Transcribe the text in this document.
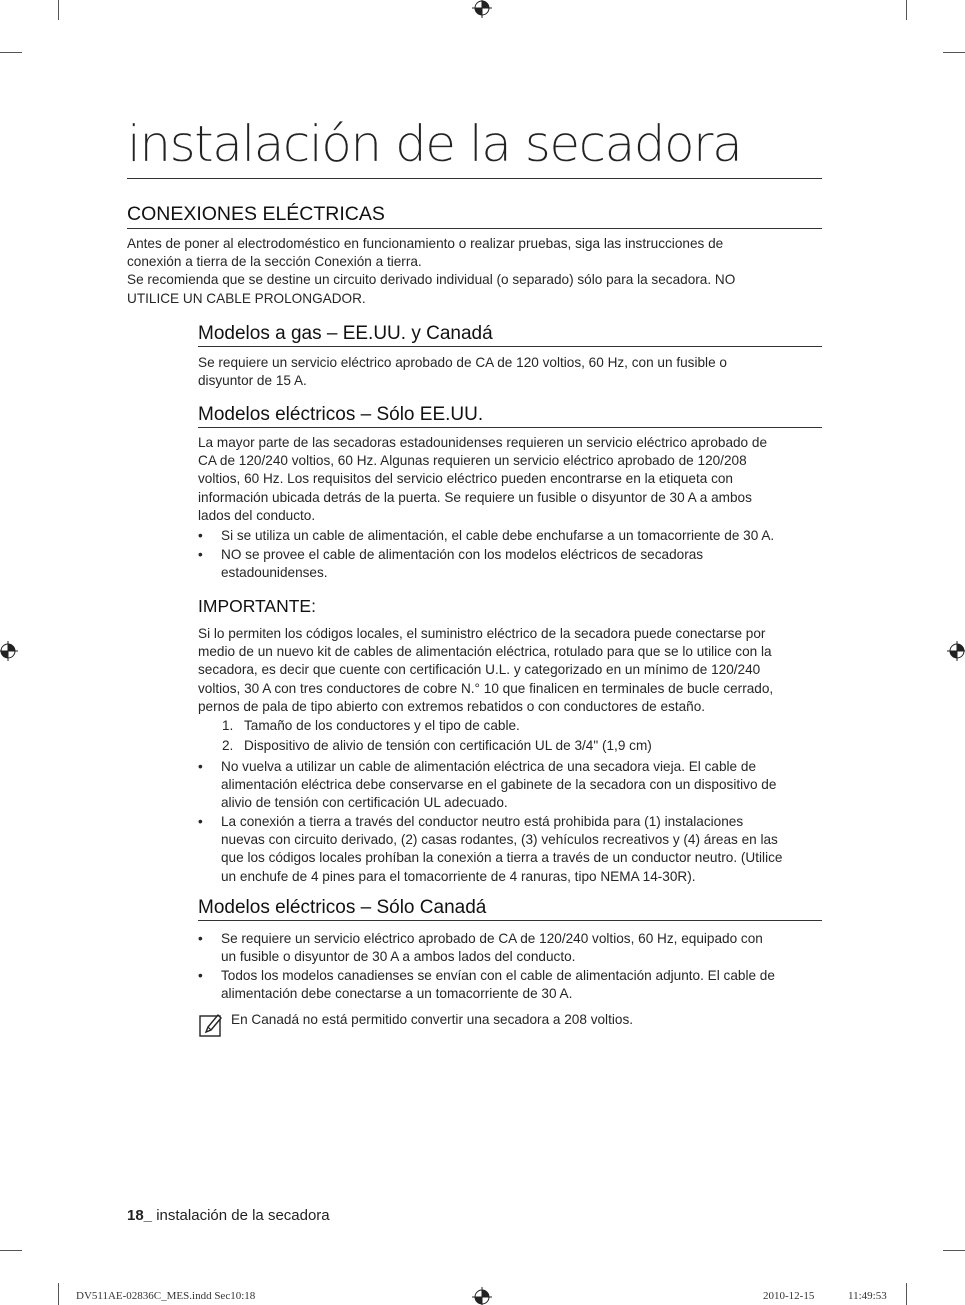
instalación de la secadora
CONEXIONES ELÉCTRICAS
Antes de poner al electrodoméstico en funcionamiento o realizar pruebas, siga las instrucciones de
conexión a tierra de la sección Conexión a tierra.
Se recomienda que se destine un circuito derivado individual (o separado) sólo para la secadora. NO
UTILICE UN CABLE PROLONGADOR.
Modelos a gas – EE.UU. y Canadá
Se requiere un servicio eléctrico aprobado de CA de 120 voltios, 60 Hz, con un fusible o
disyuntor de 15 A.
Modelos eléctricos – Sólo EE.UU.
La mayor parte de las secadoras estadounidenses requieren un servicio eléctrico aprobado de
CA de 120/240 voltios, 60 Hz. Algunas requieren un servicio eléctrico aprobado de 120/208
voltios, 60 Hz. Los requisitos del servicio eléctrico pueden encontrarse en la etiqueta con
información ubicada detrás de la puerta. Se requiere un fusible o disyuntor de 30 A a ambos
lados del conducto.
• Si se utiliza un cable de alimentación, el cable debe enchufarse a un tomacorriente de 30 A.
• NO se provee el cable de alimentación con los modelos eléctricos de secadoras
estadounidenses.
IMPORTANTE:
Si lo permiten los códigos locales, el suministro eléctrico de la secadora puede conectarse por
medio de un nuevo kit de cables de alimentación eléctrica, rotulado para que se lo utilice con la
secadora, es decir que cuente con certificación U.L. y categorizado en un mínimo de 120/240
voltios, 30 A con tres conductores de cobre N.° 10 que finalicen en terminales de bucle cerrado,
pernos de pala de tipo abierto con extremos rebatidos o con conductores de estaño.
1. Tamaño de los conductores y el tipo de cable.
2. Dispositivo de alivio de tensión con certificación UL de 3/4" (1,9 cm)
• No vuelva a utilizar un cable de alimentación eléctrica de una secadora vieja. El cable de
alimentación eléctrica debe conservarse en el gabinete de la secadora con un dispositivo de
alivio de tensión con certificación UL adecuado.
• La conexión a tierra a través del conductor neutro está prohibida para (1) instalaciones
nuevas con circuito derivado, (2) casas rodantes, (3) vehículos recreativos y (4) áreas en las
que los códigos locales prohíban la conexión a tierra a través de un conductor neutro. (Utilice
un enchufe de 4 pines para el tomacorriente de 4 ranuras, tipo NEMA 14-30R).
Modelos eléctricos – Sólo Canadá
• Se requiere un servicio eléctrico aprobado de CA de 120/240 voltios, 60 Hz, equipado con
un fusible o disyuntor de 30 A a ambos lados del conducto.
• Todos los modelos canadienses se envían con el cable de alimentación adjunto. El cable de
alimentación debe conectarse a un tomacorriente de 30 A.
En Canadá no está permitido convertir una secadora a 208 voltios.
18_ instalación de la secadora
DV511AE-02836C_MES.indd Sec10:18	2010-12-15	11:49:53
